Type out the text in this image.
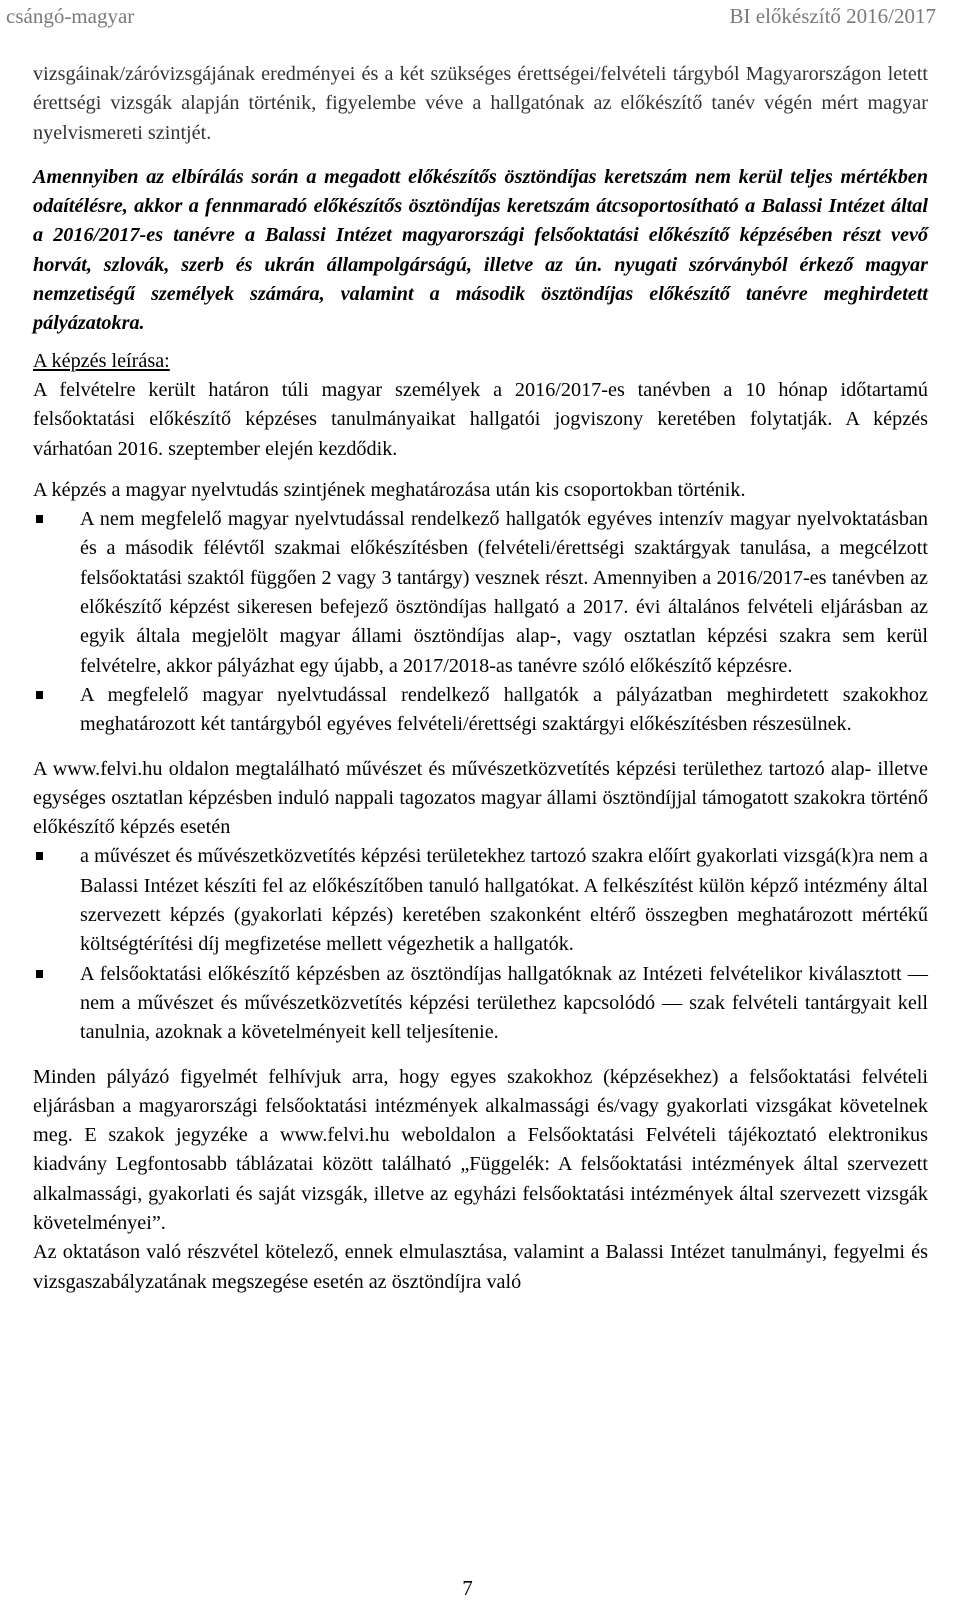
csángó-magyar	BI előkészítő 2016/2017

vizsgáinak/záróvizsgájának eredményei és a két szükséges érettségei/felvételi tárgyból Magyarországon letett érettségi vizsgák alapján történik, figyelembe véve a hallgatónak az előkészítő tanév végén mért magyar nyelvismereti szintjét.

Amennyiben az elbírálás során a megadott előkészítős ösztöndíjas keretszám nem kerül teljes mértékben odaítélésre, akkor a fennmaradó előkészítős ösztöndíjas keretszám átcsoportosítható a Balassi Intézet által a 2016/2017-es tanévre a Balassi Intézet magyarországi felsőoktatási előkészítő képzésében részt vevő horvát, szlovák, szerb és ukrán állampolgárságú, illetve az ún. nyugati szórványból érkező magyar nemzetiségű személyek számára, valamint a második ösztöndíjas előkészítő tanévre meghirdetett pályázatokra.

A képzés leírása:

A felvételre került határon túli magyar személyek a 2016/2017-es tanévben a 10 hónap időtartamú felsőoktatási előkészítő képzéses tanulmányaikat hallgatói jogviszony keretében folytatják. A képzés várhatóan 2016. szeptember elején kezdődik.

A képzés a magyar nyelvtudás szintjének meghatározása után kis csoportokban történik.

A nem megfelelő magyar nyelvtudással rendelkező hallgatók egyéves intenzív magyar nyelvoktatásban és a második félévtől szakmai előkészítésben (felvételi/érettségi szaktárgyak tanulása, a megcélzott felsőoktatási szaktól függően 2 vagy 3 tantárgy) vesznek részt. Amennyiben a 2016/2017-es tanévben az előkészítő képzést sikeresen befejező ösztöndíjas hallgató a 2017. évi általános felvételi eljárásban az egyik általa megjelölt magyar állami ösztöndíjas alap-, vagy osztatlan képzési szakra sem kerül felvételre, akkor pályázhat egy újabb, a 2017/2018-as tanévre szóló előkészítő képzésre.
A megfelelő magyar nyelvtudással rendelkező hallgatók a pályázatban meghirdetett szakokhoz meghatározott két tantárgyból egyéves felvételi/érettségi szaktárgyi előkészítésben részesülnek.

A www.felvi.hu oldalon megtalálható művészet és művészetközvetítés képzési területhez tartozó alap- illetve egységes osztatlan képzésben induló nappali tagozatos magyar állami ösztöndíjjal támogatott szakokra történő előkészítő képzés esetén

a művészet és művészetközvetítés képzési területekhez tartozó szakra előírt gyakorlati vizsgá(k)ra nem a Balassi Intézet készíti fel az előkészítőben tanuló hallgatókat. A felkészítést külön képző intézmény által szervezett képzés (gyakorlati képzés) keretében szakonként eltérő összegben meghatározott mértékű költségtérítési díj megfizetése mellett végezhetik a hallgatók.
A felsőoktatási előkészítő képzésben az ösztöndíjas hallgatóknak az Intézeti felvételikor kiválasztott — nem a művészet és művészetközvetítés képzési területhez kapcsolódó — szak felvételi tantárgyait kell tanulnia, azoknak a követelményeit kell teljesítenie.

Minden pályázó figyelmét felhívjuk arra, hogy egyes szakokhoz (képzésekhez) a felsőoktatási felvételi eljárásban a magyarországi felsőoktatási intézmények alkalmassági és/vagy gyakorlati vizsgákat követelnek meg. E szakok jegyzéke a www.felvi.hu weboldalon a Felsőoktatási Felvételi tájékoztató elektronikus kiadvány Legfontosabb táblázatai között található „Függelék: A felsőoktatási intézmények által szervezett alkalmassági, gyakorlati és saját vizsgák, illetve az egyházi felsőoktatási intézmények által szervezett vizsgák követelményei”.

Az oktatáson való részvétel kötelező, ennek elmulasztása, valamint a Balassi Intézet tanulmányi, fegyelmi és vizsgaszabályzatának megszegése esetén az ösztöndíjra való

7
